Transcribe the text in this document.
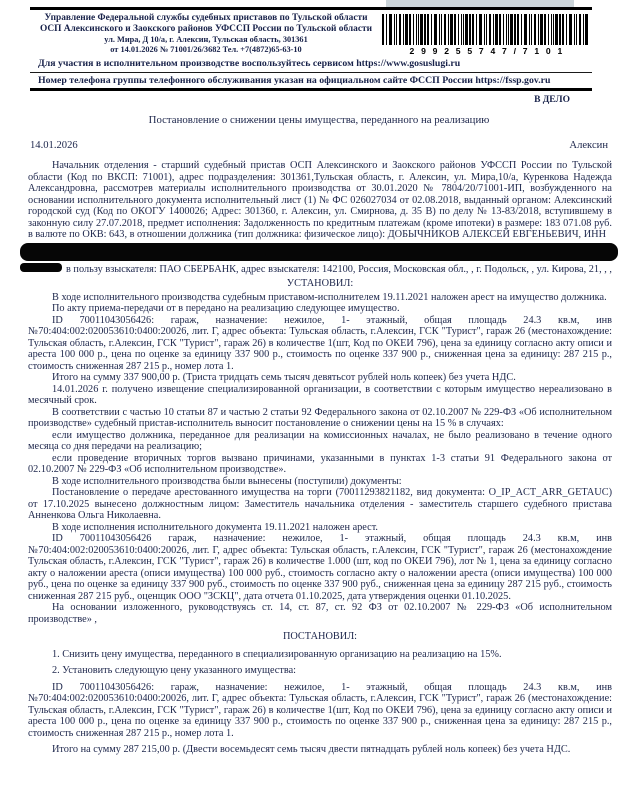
Управление Федеральной службы судебных приставов по Тульской области
ОСП Алексинского и Заокского районов УФССП России по Тульской области
ул. Мира, Д 10/а, г. Алексин, Тульская область, 301361
от 14.01.2026 № 71001/26/3682 Тел. +7(4872)65-63-10	2 9 9 2 5 5 7 4 7 / 7 1 0 1
Для участия в исполнительном производстве воспользуйтесь сервисом https://www.gosuslugi.ru
Номер телефона группы телефонного обслуживания указан на официальном сайте ФССП России https://fssp.gov.ru
В ДЕЛО
Постановление о снижении цены имущества, переданного на реализацию
14.01.2026	Алексин

Начальник отделения - старший судебный пристав ОСП Алексинского и Заокского районов УФССП России по Тульской области (Код по ВКСП: 71001), адрес подразделения: 301361,Тульская область, г. Алексин, ул. Мира,10/а, Куренкова Надежда Александровна, рассмотрев материалы исполнительного производства от 30.01.2020 № 7804/20/71001-ИП, возбужденного на основании исполнительного документа исполнительный лист (1) № ФС 026027034 от 02.08.2018, выданный органом: Алексинский городской суд (Код по ОКОГУ 1400026; Адрес: 301360, г. Алексин, ул. Смирнова, д. 35 В) по делу № 13-83/2018, вступившему в законную силу 27.07.2018, предмет исполнения: Задолженность по кредитным платежам (кроме ипотеки) в размере: 183 071.08 руб. в валюте по ОКВ: 643, в отношении должника (тип должника: физическое лицо): ДОБЫЧНИКОВ АЛЕКСЕЙ ЕВГЕНЬЕВИЧ, ИНН

в пользу взыскателя: ПАО СБЕРБАНК, адрес взыскателя: 142100, Россия, Московская обл., , г. Подольск, , ул. Кирова, 21, , ,

УСТАНОВИЛ:

В ходе исполнительного производства судебным приставом-исполнителем 19.11.2021 наложен арест на имущество должника.

По акту приема-передачи от в передано на реализацию следующее имущество.

ID 70011043056426: гараж, назначение: нежилое, 1- этажный, общая площадь 24.3 кв.м, инв №70:404:002:020053610:0400:20026, лит. Г, адрес объекта: Тульская область, г.Алексин, ГСК "Турист", гараж 26 (местонахождение: Тульская область, г.Алексин, ГСК "Турист", гараж 26) в количестве 1(шт, Код по ОКЕИ 796), цена за единицу согласно акту описи и ареста 100 000 р., цена по оценке за единицу 337 900 р., стоимость по оценке 337 900 р., сниженная цена за единицу: 287 215 р., стоимость сниженная 287 215 р., номер лота 1.

Итого на сумму 337 900,00 р. (Триста тридцать семь тысяч девятьсот рублей ноль копеек) без учета НДС.

14.01.2026 г. получено извещение специализированной организации, в соответствии с которым имущество нереализовано в месячный срок.

В соответствии с частью 10 статьи 87 и частью 2 статьи 92 Федерального закона от 02.10.2007 № 229-ФЗ «Об исполнительном производстве» судебный пристав-исполнитель выносит постановление о снижении цены на 15 % в случаях:

если имущество должника, переданное для реализации на комиссионных началах, не было реализовано в течение одного месяца со дня передачи на реализацию;

если проведение вторичных торгов вызвано причинами, указанными в пунктах 1-3 статьи 91 Федерального закона от 02.10.2007 № 229-ФЗ «Об исполнительном производстве».

В ходе исполнительного производства были вынесены (поступили) документы:

Постановление о передаче арестованного имущества на торги (70011293821182, вид документа: O_IP_ACT_ARR_GETAUC) от 17.10.2025 вынесено должностным лицом: Заместитель начальника отделения - заместитель старшего судебного пристава Анненкова Ольга Николаевна.

В ходе исполнения исполнительного документа 19.11.2021 наложен арест.

ID 70011043056426 гараж, назначение: нежилое, 1- этажный, общая площадь 24.3 кв.м, инв №70:404:002:020053610:0400:20026, лит. Г, адрес объекта: Тульская область, г.Алексин, ГСК "Турист", гараж 26 (местонахождение Тульская область, г.Алексин, ГСК "Турист", гараж 26) в количестве 1.000 (шт, код по ОКЕИ 796), лот № 1, цена за единицу согласно акту о наложении ареста (описи имущества) 100 000 руб., стоимость согласно акту о наложении ареста (описи имущества) 100 000 руб., цена по оценке за единицу 337 900 руб., стоимость по оценке 337 900 руб., сниженная цена за единицу 287 215 руб., стоимость сниженная 287 215 руб., оценщик ООО "ЗСКЦ", дата отчета 01.10.2025, дата утверждения оценки 01.10.2025.

На основании изложенного, руководствуясь ст. 14, ст. 87, ст. 92 ФЗ от 02.10.2007 № 229-ФЗ «Об исполнительном производстве» ,

ПОСТАНОВИЛ:

1. Снизить цену имущества, переданного в специализированную организацию на реализацию на 15%.

2. Установить следующую цену указанного имущества:

ID 70011043056426: гараж, назначение: нежилое, 1- этажный, общая площадь 24.3 кв.м, инв №70:404:002:020053610:0400:20026, лит. Г, адрес объекта: Тульская область, г.Алексин, ГСК "Турист", гараж 26 (местонахождение: Тульская область, г.Алексин, ГСК "Турист", гараж 26) в количестве 1(шт, Код по ОКЕИ 796), цена за единицу согласно акту описи и ареста 100 000 р., цена по оценке за единицу 337 900 р., стоимость по оценке 337 900 р., сниженная цена за единицу: 287 215 р., стоимость сниженная 287 215 р., номер лота 1.

Итого на сумму 287 215,00 р. (Двести восемьдесят семь тысяч двести пятнадцать рублей ноль копеек) без учета НДС.
